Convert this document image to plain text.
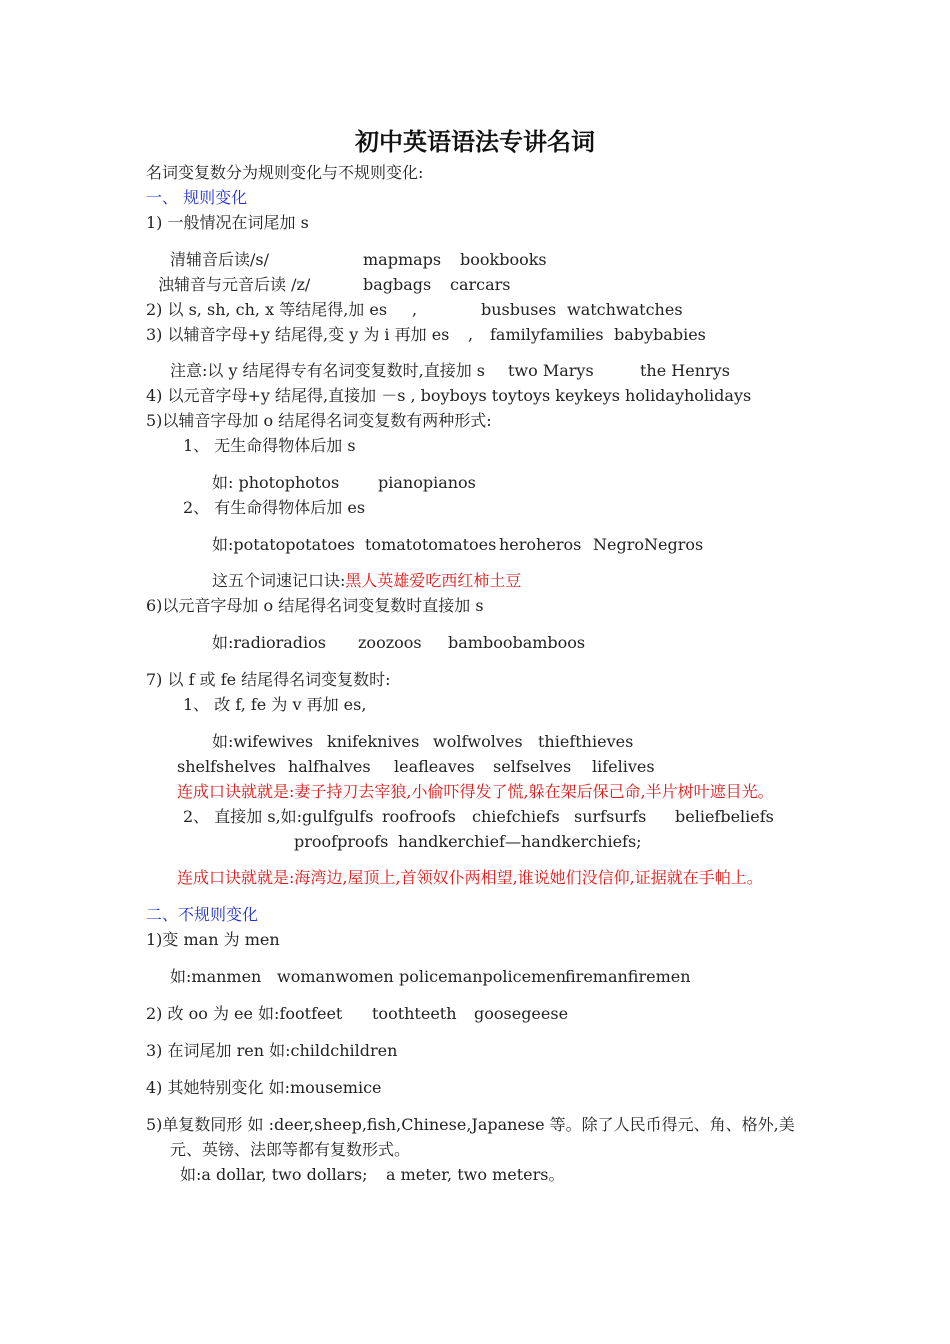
初中英语语法专讲名词
名词变复数分为规则变化与不规则变化:
一、 规则变化
1) 一般情况在词尾加 s
清辅音后读/s/	mapmaps bookbooks
浊辅音与元音后读 /z/	bagbags carcars
2) 以 s, sh, ch, x 等结尾得,加 es ,	busbuses watchwatches
3) 以辅音字母+y 结尾得,变 y 为 i 再加 es , familyfamilies babybabies
注意:以 y 结尾得专有名词变复数时,直接加 s two Marys	the Henrys
4) 以元音字母+y 结尾得,直接加 －s , boyboys toytoys keykeys holidayholidays
5)以辅音字母加 o 结尾得名词变复数有两种形式:
1、 无生命得物体后加 s
如: photophotos pianopianos
2、 有生命得物体后加 es
如:potatopotatoes tomatotomatoes heroheros NegroNegros
这五个词速记口诀:黑人英雄爱吃西红柿土豆
6)以元音字母加 o 结尾得名词变复数时直接加 s
如:radioradios zoozoos bamboobamboos
7) 以 f 或 fe 结尾得名词变复数时:
1、 改 f, fe 为 v 再加 es,
如:wifewives knifeknives wolfwolves thiefthieves
shelfshelves halfhalves leafleaves selfselves lifelives
连成口诀就就是:妻子持刀去宰狼,小偷吓得发了慌,躲在架后保己命,半片树叶遮目光。
2、 直接加 s,如:gulfgulfs roofroofs chiefchiefs surfsurfs beliefbeliefs
proofproofs handkerchief—handkerchiefs;
连成口诀就就是:海湾边,屋顶上,首领奴仆两相望,谁说她们没信仰,证据就在手帕上。
二、不规则变化
1)变 man 为 men
如:manmen womanwomen policemanpolicemen
firemanfiremen
2) 改 oo 为 ee 如:footfeet toothteeth goosegeese
3) 在词尾加 ren 如:childchildren
4) 其她特别变化 如:mousemice
5)单复数同形 如 :deer,sheep,fish,Chinese,Japanese 等。除了人民币得元、角、格外,美
元、英镑、法郎等都有复数形式。
如:a dollar, two dollars; a meter, two meters。
